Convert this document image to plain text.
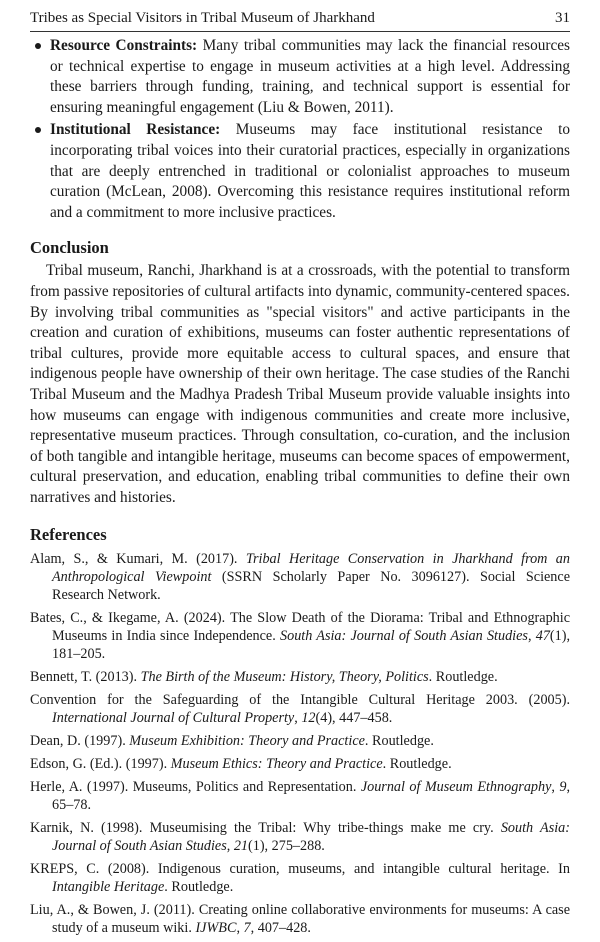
Tribes as Special Visitors in Tribal Museum of Jharkhand	31
Resource Constraints: Many tribal communities may lack the financial resources or technical expertise to engage in museum activities at a high level. Addressing these barriers through funding, training, and technical support is essential for ensuring meaningful engagement (Liu & Bowen, 2011).
Institutional Resistance: Museums may face institutional resistance to incorporating tribal voices into their curatorial practices, especially in organizations that are deeply entrenched in traditional or colonialist approaches to museum curation (McLean, 2008). Overcoming this resistance requires institutional reform and a commitment to more inclusive practices.
Conclusion

Tribal museum, Ranchi, Jharkhand is at a crossroads, with the potential to transform from passive repositories of cultural artifacts into dynamic, community-centered spaces. By involving tribal communities as "special visitors" and active participants in the creation and curation of exhibitions, museums can foster authentic representations of tribal cultures, provide more equitable access to cultural spaces, and ensure that indigenous people have ownership of their own heritage. The case studies of the Ranchi Tribal Museum and the Madhya Pradesh Tribal Museum provide valuable insights into how museums can engage with indigenous communities and create more inclusive, representative museum practices. Through consultation, co-curation, and the inclusion of both tangible and intangible heritage, museums can become spaces of empowerment, cultural preservation, and education, enabling tribal communities to define their own narratives and histories.

References
Alam, S., & Kumari, M. (2017). Tribal Heritage Conservation in Jharkhand from an Anthropological Viewpoint (SSRN Scholarly Paper No. 3096127). Social Science Research Network.
Bates, C., & Ikegame, A. (2024). The Slow Death of the Diorama: Tribal and Ethnographic Museums in India since Independence. South Asia: Journal of South Asian Studies, 47(1), 181–205.
Bennett, T. (2013). The Birth of the Museum: History, Theory, Politics. Routledge.
Convention for the Safeguarding of the Intangible Cultural Heritage 2003. (2005). International Journal of Cultural Property, 12(4), 447–458.
Dean, D. (1997). Museum Exhibition: Theory and Practice. Routledge.
Edson, G. (Ed.). (1997). Museum Ethics: Theory and Practice. Routledge.
Herle, A. (1997). Museums, Politics and Representation. Journal of Museum Ethnography, 9, 65–78.
Karnik, N. (1998). Museumising the Tribal: Why tribe-things make me cry. South Asia: Journal of South Asian Studies, 21(1), 275–288.
KREPS, C. (2008). Indigenous curation, museums, and intangible cultural heritage. In Intangible Heritage. Routledge.
Liu, A., & Bowen, J. (2011). Creating online collaborative environments for museums: A case study of a museum wiki. IJWBC, 7, 407–428.
